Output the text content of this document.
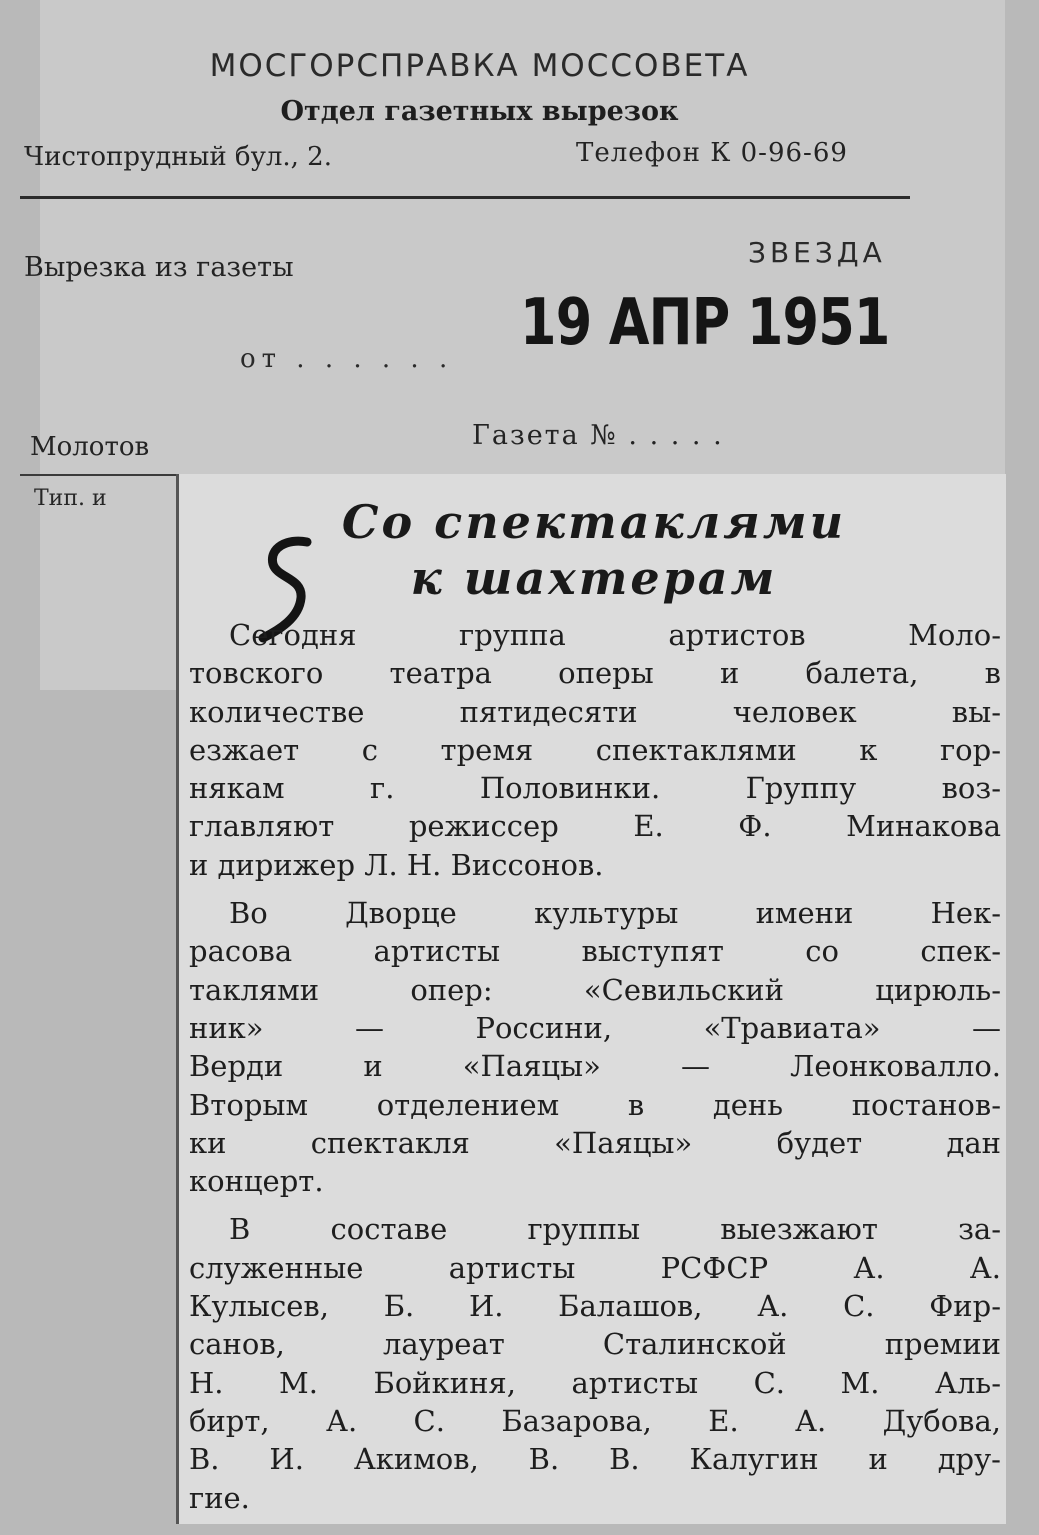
МОСГОРСПРАВКА МОССОВЕТА
Отдел газетных вырезок
Чистопрудный бул., 2.	Телефон К 0-96-69
Вырезка из газеты	ЗВЕЗДА
от . . . . . . 19 АПР 1951
Молотов	Газета № . . . . .
Тип. и	Со спектаклями
к шахтерам
Сегодня группа артистов Моло-
товского театра оперы и балета, в
количестве пятидесяти человек вы-
езжает с тремя спектаклями к гор-
някам г. Половинки. Группу воз-
главляют режиссер Е. Ф. Минакова
и дирижер Л. Н. Виссонов.
Во Дворце культуры имени Нек-
расова артисты выступят со спек-
таклями опер: «Севильский цирюль-
ник» — Россини, «Травиата» —
Верди и «Паяцы» — Леонковалло.
Вторым отделением в день постанов-
ки спектакля «Паяцы» будет дан
концерт.
В составе группы выезжают за-
служенные артисты РСФСР А. А.
Кулысев, Б. И. Балашов, А. С. Фир-
санов, лауреат Сталинской премии
Н. М. Бойкиня, артисты С. М. Аль-
бирт, А. С. Базарова, Е. А. Дубова,
В. И. Акимов, В. В. Калугин и дру-
гие.
